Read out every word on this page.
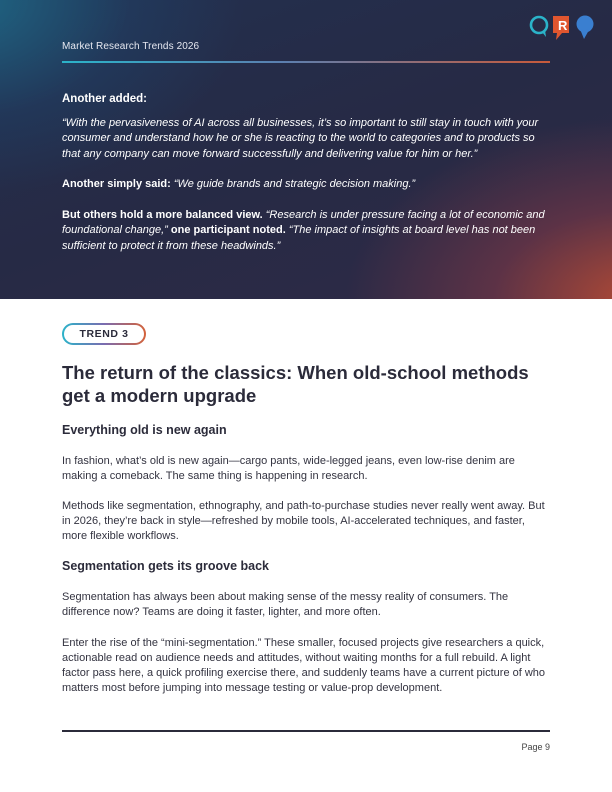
Market Research Trends 2026
R

Another added:

“With the pervasiveness of AI across all businesses, it’s so important to still stay in touch with your consumer and understand how he or she is reacting to the world to categories and to products so that any company can move forward successfully and delivering value for him or her.”

Another simply said: “We guide brands and strategic decision making.”

But others hold a more balanced view. “Research is under pressure facing a lot of economic and foundational change,” one participant noted. “The impact of insights at board level has not been sufficient to protect it from these headwinds.”

TREND 3
The return of the classics: When old-school methods get a modern upgrade
Everything old is new again

In fashion, what’s old is new again—cargo pants, wide-legged jeans, even low-rise denim are making a comeback. The same thing is happening in research.

Methods like segmentation, ethnography, and path-to-purchase studies never really went away. But in 2026, they’re back in style—refreshed by mobile tools, AI-accelerated techniques, and faster, more flexible workflows.

Segmentation gets its groove back

Segmentation has always been about making sense of the messy reality of consumers. The difference now? Teams are doing it faster, lighter, and more often.

Enter the rise of the “mini-segmentation.” These smaller, focused projects give researchers a quick, actionable read on audience needs and attitudes, without waiting months for a full rebuild. A light factor pass here, a quick profiling exercise there, and suddenly teams have a current picture of who matters most before jumping into message testing or value-prop development.

Page 9
